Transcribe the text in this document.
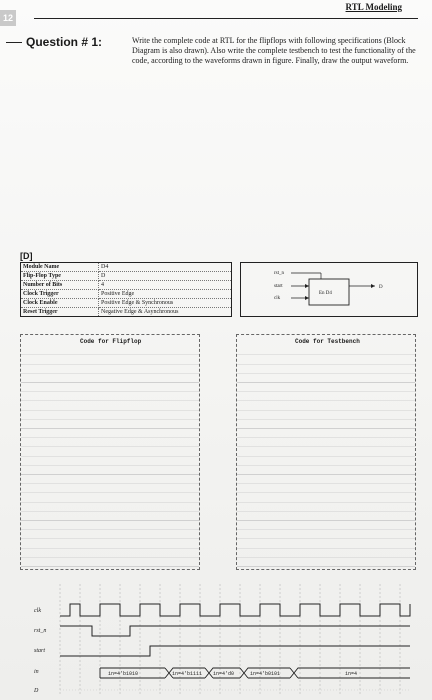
12
RTL Modeling
Question # 1:	Write the complete code at RTL for the flipflops with following specifications (Block Diagram is also drawn). Also write the complete testbench to test the functionality of the code, according to the waveforms drawn in figure. Finally, draw the output waveform.
[D]
Module Name	D4
Flip-Flop Type	D
Number of Bits	4
Clock Trigger	Positive Edge
Clock Enable	Positive Edge & Synchronous
Reset Trigger	Negative Edge & Asynchronous
rst_n
En D4
start
clk
D
Code for Flipflop	Code for Testbench
clk
rst_n
start
in
D
in=4'b1010	in=4'b1111 in=4'd0	in=4'b0101	in=4
